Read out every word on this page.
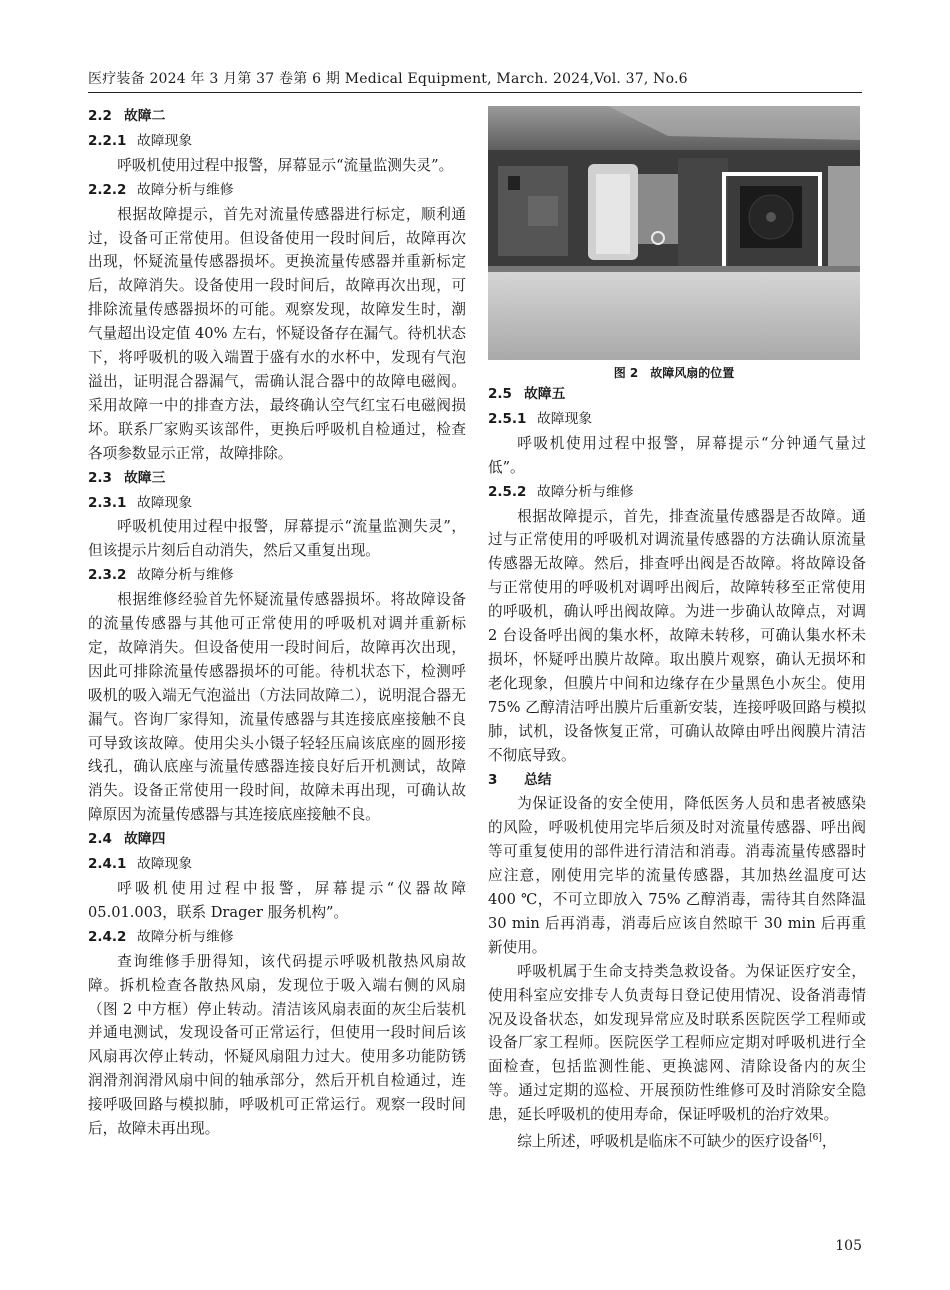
医疗装备 2024 年 3 月第 37 卷第 6 期 Medical Equipment, March. 2024,Vol. 37, No.6
2.2 故障二
2.2.1 故障现象

呼吸机使用过程中报警，屏幕显示“流量监测失灵”。

2.2.2 故障分析与维修

根据故障提示，首先对流量传感器进行标定，顺利通过，设备可正常使用。但设备使用一段时间后，故障再次出现，怀疑流量传感器损坏。更换流量传感器并重新标定后，故障消失。设备使用一段时间后，故障再次出现，可排除流量传感器损坏的可能。观察发现，故障发生时，潮气量超出设定值 40% 左右，怀疑设备存在漏气。待机状态下，将呼吸机的吸入端置于盛有水的水杯中，发现有气泡溢出，证明混合器漏气，需确认混合器中的故障电磁阀。采用故障一中的排查方法，最终确认空气红宝石电磁阀损坏。联系厂家购买该部件，更换后呼吸机自检通过，检查各项参数显示正常，故障排除。

2.3 故障三
2.3.1 故障现象

呼吸机使用过程中报警，屏幕提示“流量监测失灵”，但该提示片刻后自动消失，然后又重复出现。

2.3.2 故障分析与维修

根据维修经验首先怀疑流量传感器损坏。将故障设备的流量传感器与其他可正常使用的呼吸机对调并重新标定，故障消失。但设备使用一段时间后，故障再次出现，因此可排除流量传感器损坏的可能。待机状态下，检测呼吸机的吸入端无气泡溢出（方法同故障二），说明混合器无漏气。咨询厂家得知，流量传感器与其连接底座接触不良可导致该故障。使用尖头小镊子轻轻压扁该底座的圆形接线孔，确认底座与流量传感器连接良好后开机测试，故障消失。设备正常使用一段时间，故障未再出现，可确认故障原因为流量传感器与其连接底座接触不良。

2.4 故障四
2.4.1 故障现象

呼吸机使用过程中报警，屏幕提示“仪器故障05.01.003，联系 Drager 服务机构”。

2.4.2 故障分析与维修

查询维修手册得知，该代码提示呼吸机散热风扇故障。拆机检查各散热风扇，发现位于吸入端右侧的风扇（图 2 中方框）停止转动。清洁该风扇表面的灰尘后装机并通电测试，发现设备可正常运行，但使用一段时间后该风扇再次停止转动，怀疑风扇阻力过大。使用多功能防锈润滑剂润滑风扇中间的轴承部分，然后开机自检通过，连接呼吸回路与模拟肺，呼吸机可正常运行。观察一段时间后，故障未再出现。

图 2　故障风扇的位置
2.5 故障五
2.5.1 故障现象

呼吸机使用过程中报警，屏幕提示“分钟通气量过低”。

2.5.2 故障分析与维修

根据故障提示，首先，排查流量传感器是否故障。通过与正常使用的呼吸机对调流量传感器的方法确认原流量传感器无故障。然后，排查呼出阀是否故障。将故障设备与正常使用的呼吸机对调呼出阀后，故障转移至正常使用的呼吸机，确认呼出阀故障。为进一步确认故障点，对调 2 台设备呼出阀的集水杯，故障未转移，可确认集水杯未损坏，怀疑呼出膜片故障。取出膜片观察，确认无损坏和老化现象，但膜片中间和边缘存在少量黑色小灰尘。使用 75% 乙醇清洁呼出膜片后重新安装，连接呼吸回路与模拟肺，试机，设备恢复正常，可确认故障由呼出阀膜片清洁不彻底导致。

3 总结

为保证设备的安全使用，降低医务人员和患者被感染的风险，呼吸机使用完毕后须及时对流量传感器、呼出阀等可重复使用的部件进行清洁和消毒。消毒流量传感器时应注意，刚使用完毕的流量传感器，其加热丝温度可达 400 ℃，不可立即放入 75% 乙醇消毒，需待其自然降温 30 min 后再消毒，消毒后应该自然晾干 30 min 后再重新使用。

呼吸机属于生命支持类急救设备。为保证医疗安全，使用科室应安排专人负责每日登记使用情况、设备消毒情况及设备状态，如发现异常应及时联系医院医学工程师或设备厂家工程师。医院医学工程师应定期对呼吸机进行全面检查，包括监测性能、更换滤网、清除设备内的灰尘等。通过定期的巡检、开展预防性维修可及时消除安全隐患，延长呼吸机的使用寿命，保证呼吸机的治疗效果。

综上所述，呼吸机是临床不可缺少的医疗设备[6]，

105
